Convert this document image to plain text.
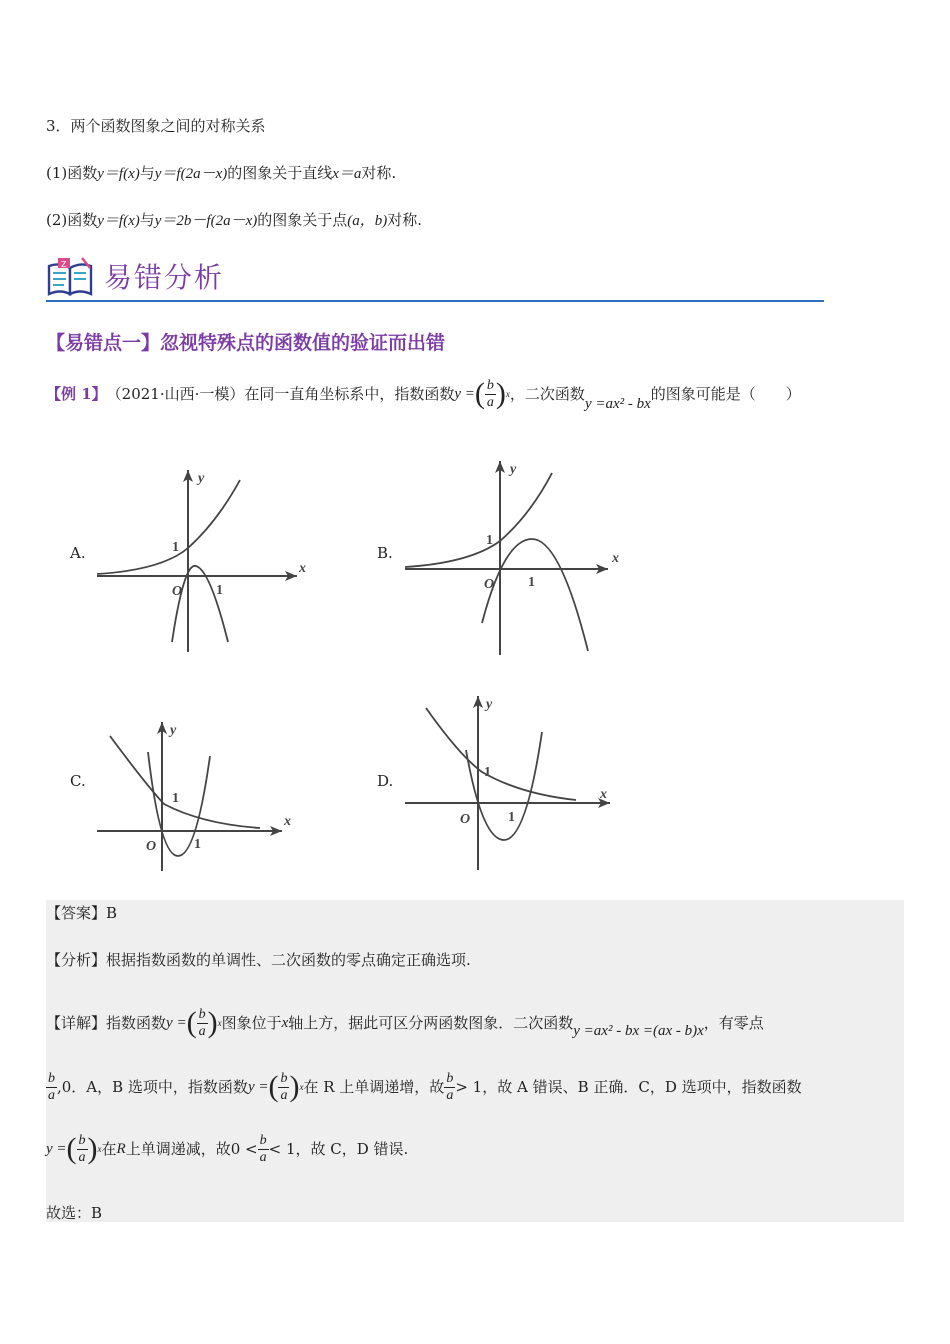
3．两个函数图象之间的对称关系
(1)函数y＝f(x)与y＝f(2a－x)的图象关于直线x＝a对称.
(2)函数y＝f(x)与y＝2b－f(2a－x)的图象关于点(a，b)对称.
Z 易错分析
【易错点一】忽视特殊点的函数值的验证而出错
【例 1】 （2021·山西·一模）在同一直角坐标系中，指数函数 y = ( $\frac{b}{a}$ ) x ，二次函数
y =ax² - bx
的图象可能是（　　）
A.
y
x
O
1
1
B.
y
x
O
1
1
C.
y
x
O
1
1
D.
y
x
O
1
1
【答案】B
【分析】根据指数函数的单调性、二次函数的零点确定正确选项.
【详解】 指数函数 y = ( $\frac{b}{a}$ ) x 图象位于 x 轴上方，据此可区分两函数图象．二次函数 y =ax² - bx =(ax - b)x ，有零点
$\frac{b}{a} ,0$．A，B 选项中，指数函数 y = ( $\frac{b}{a}$ ) x 在 R 上单调递增，故 $\frac{b}{a} > 1$ ，故 A 错误、B 正确．C，D 选项中，指数函数
y = ( $\frac{b}{a}$ ) x 在 R 上单调递减，故 $0 < \frac{b}{a} < 1$ ，故 C，D 错误.
故选：B
